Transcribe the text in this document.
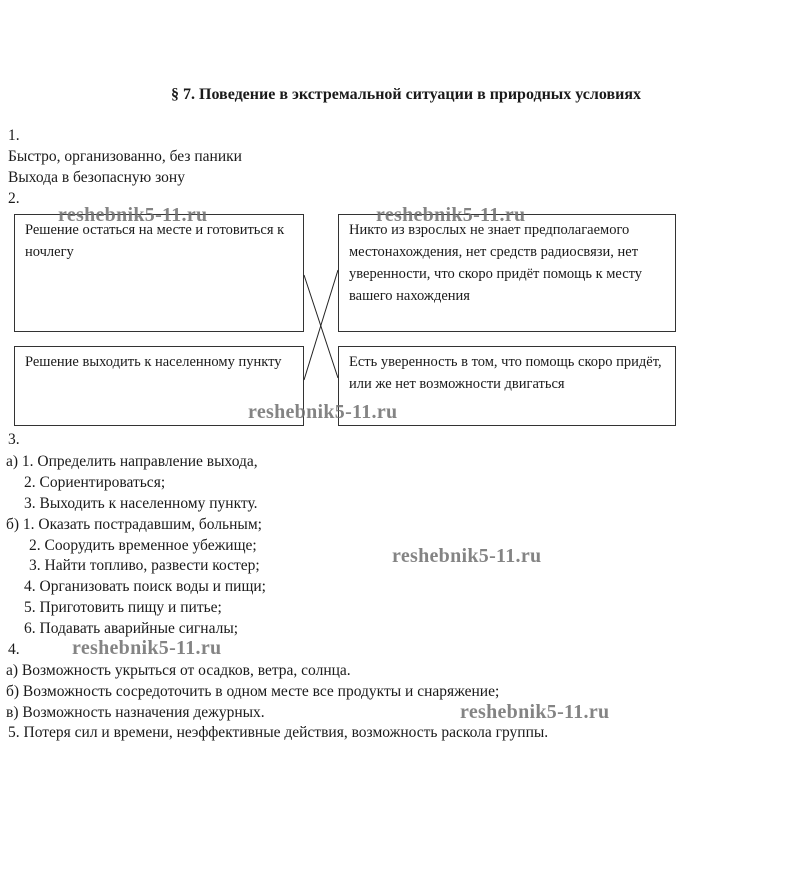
§ 7. Поведение в экстремальной ситуации в природных условиях
1.
Быстро, организованно, без паники
Выхода в безопасную зону
2.
Решение остаться на месте и готовиться к ночлегу
Решение выходить к населенному пункту
Никто из взрослых не знает предполагаемого местонахождения, нет средств радиосвязи, нет уверенности, что скоро придёт помощь к месту вашего нахождения
Есть уверенность в том, что помощь скоро придёт, или же нет возможности двигаться
3.
а) 1. Определить направление выхода,
2. Сориентироваться;
3. Выходить к населенному пункту.
б) 1. Оказать пострадавшим, больным;
2. Соорудить временное убежище;
3. Найти топливо, развести костер;
4. Организовать поиск воды и пищи;
5. Приготовить пищу и питье;
6. Подавать аварийные сигналы;
4.
а) Возможность укрыться от осадков, ветра, солнца.
б) Возможность сосредоточить в одном месте все продукты и снаряжение;
в) Возможность назначения дежурных.
5. Потеря сил и времени, неэффективные действия, возможность раскола группы.
reshebnik5-11.ru	reshebnik5-11.ru
reshebnik5-11.ru
reshebnik5-11.ru
reshebnik5-11.ru
reshebnik5-11.ru
